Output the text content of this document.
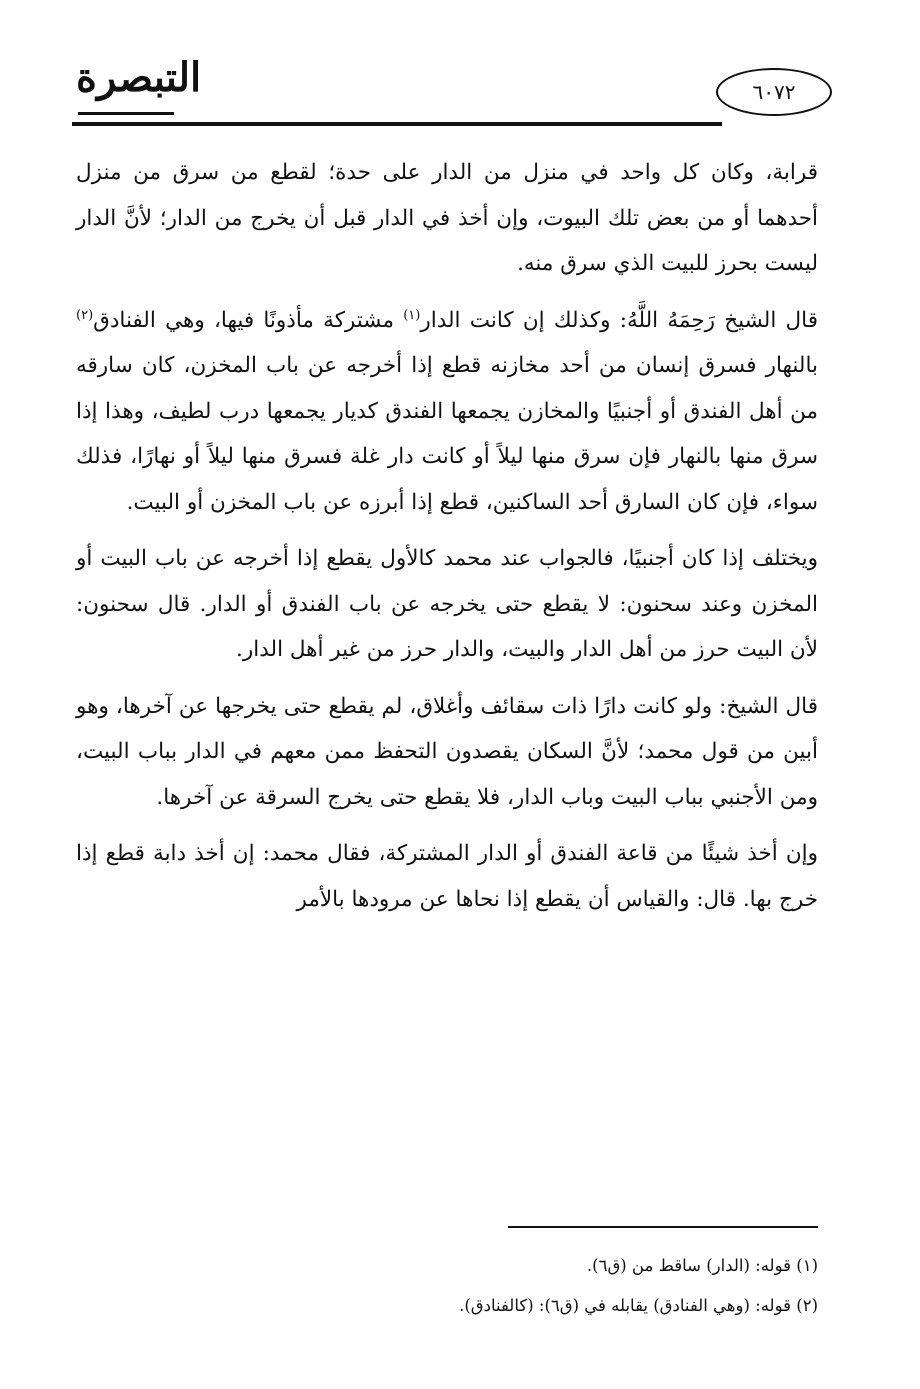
التبصرة	٦٠٧٢

قرابة، وكان كل واحد في منزل من الدار على حدة؛ لقطع من سرق من منزل أحدهما أو من بعض تلك البيوت، وإن أخذ في الدار قبل أن يخرج من الدار؛ لأنَّ الدار ليست بحرز للبيت الذي سرق منه.

قال الشيخ رَحِمَهُ اللَّهُ: وكذلك إن كانت الدار$^{(١)}$ مشتركة مأذونًا فيها، وهي الفنادق$^{(٢)}$ بالنهار فسرق إنسان من أحد مخازنه قطع إذا أخرجه عن باب المخزن، كان سارقه من أهل الفندق أو أجنبيًا والمخازن يجمعها الفندق كديار يجمعها درب لطيف، وهذا إذا سرق منها بالنهار فإن سرق منها ليلاً أو كانت دار غلة فسرق منها ليلاً أو نهارًا، فذلك سواء، فإن كان السارق أحد الساكنين، قطع إذا أبرزه عن باب المخزن أو البيت.

ويختلف إذا كان أجنبيًا، فالجواب عند محمد كالأول يقطع إذا أخرجه عن باب البيت أو المخزن وعند سحنون: لا يقطع حتى يخرجه عن باب الفندق أو الدار. قال سحنون: لأن البيت حرز من أهل الدار والبيت، والدار حرز من غير أهل الدار.

قال الشيخ: ولو كانت دارًا ذات سقائف وأغلاق، لم يقطع حتى يخرجها عن آخرها، وهو أبين من قول محمد؛ لأنَّ السكان يقصدون التحفظ ممن معهم في الدار بباب البيت، ومن الأجنبي بباب البيت وباب الدار، فلا يقطع حتى يخرج السرقة عن آخرها.

وإن أخذ شيئًا من قاعة الفندق أو الدار المشتركة، فقال محمد: إن أخذ دابة قطع إذا خرج بها. قال: والقياس أن يقطع إذا نحاها عن مرودها بالأمر

(١) قوله: (الدار) ساقط من (ق٦).
(٢) قوله: (وهي الفنادق) يقابله في (ق٦): (كالفنادق).
